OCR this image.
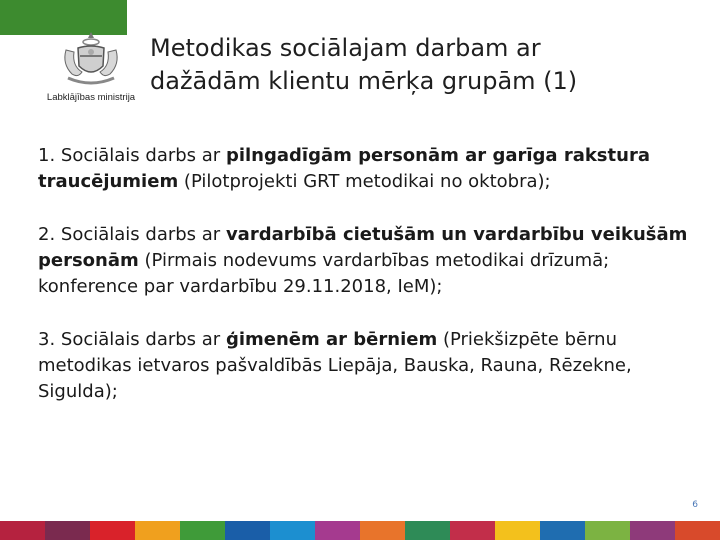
Labklājības ministrija
Metodikas sociālajam darbam ar
dažādām klientu mērķa grupām (1)

1. Sociālais darbs ar pilngadīgām personām ar garīga rakstura traucējumiem (Pilotprojekti GRT metodikai no oktobra);

2. Sociālais darbs ar vardarbībā cietušām un vardarbību veikušām personām (Pirmais nodevums vardarbības metodikai drīzumā; konference par vardarbību 29.11.2018, IeM);

3. Sociālais darbs ar ģimenēm ar bērniem (Priekšizpēte bērnu metodikas ietvaros pašvaldībās Liepāja, Bauska, Rauna, Rēzekne, Sigulda);

6
